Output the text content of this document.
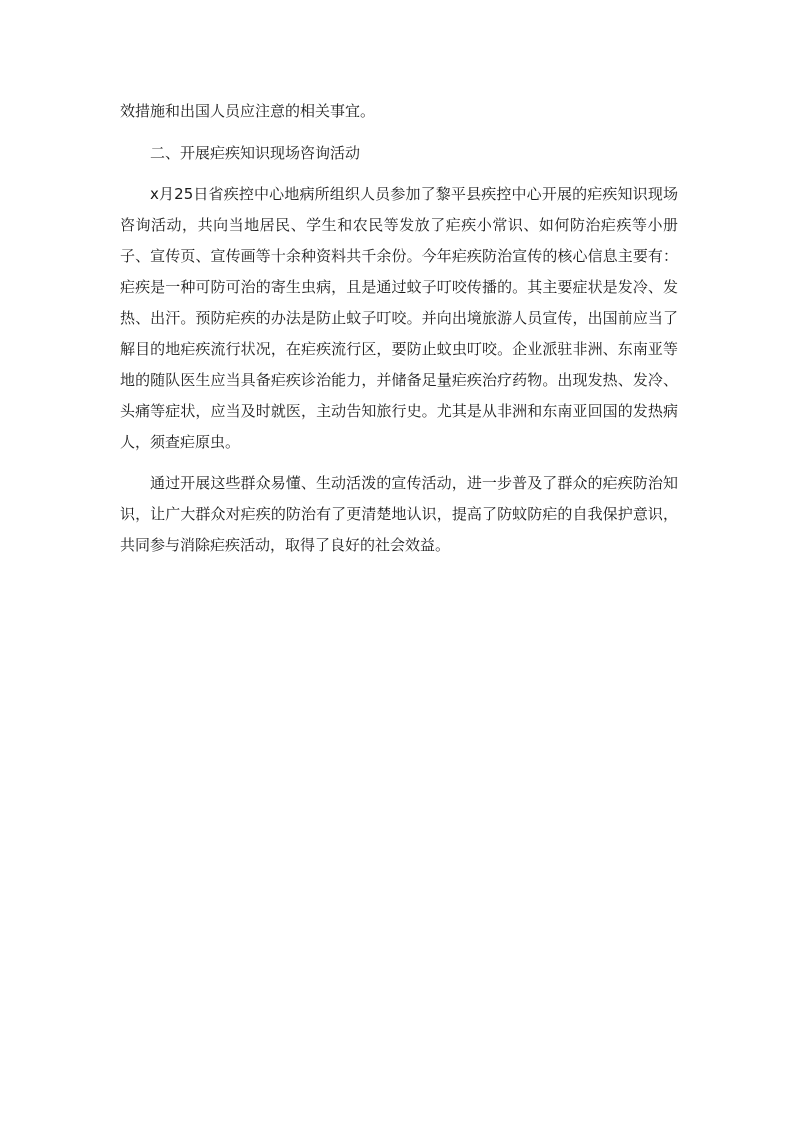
效措施和出国人员应注意的相关事宜。

二、开展疟疾知识现场咨询活动

x月25日省疾控中心地病所组织人员参加了黎平县疾控中心开展的疟疾知识现场咨询活动，共向当地居民、学生和农民等发放了疟疾小常识、如何防治疟疾等小册子、宣传页、宣传画等十余种资料共千余份。今年疟疾防治宣传的核心信息主要有：疟疾是一种可防可治的寄生虫病，且是通过蚊子叮咬传播的。其主要症状是发冷、发热、出汗。预防疟疾的办法是防止蚊子叮咬。并向出境旅游人员宣传，出国前应当了解目的地疟疾流行状况，在疟疾流行区，要防止蚊虫叮咬。企业派驻非洲、东南亚等地的随队医生应当具备疟疾诊治能力，并储备足量疟疾治疗药物。出现发热、发冷、头痛等症状，应当及时就医，主动告知旅行史。尤其是从非洲和东南亚回国的发热病人，须查疟原虫。

通过开展这些群众易懂、生动活泼的宣传活动，进一步普及了群众的疟疾防治知识，让广大群众对疟疾的防治有了更清楚地认识，提高了防蚊防疟的自我保护意识，共同参与消除疟疾活动，取得了良好的社会效益。
